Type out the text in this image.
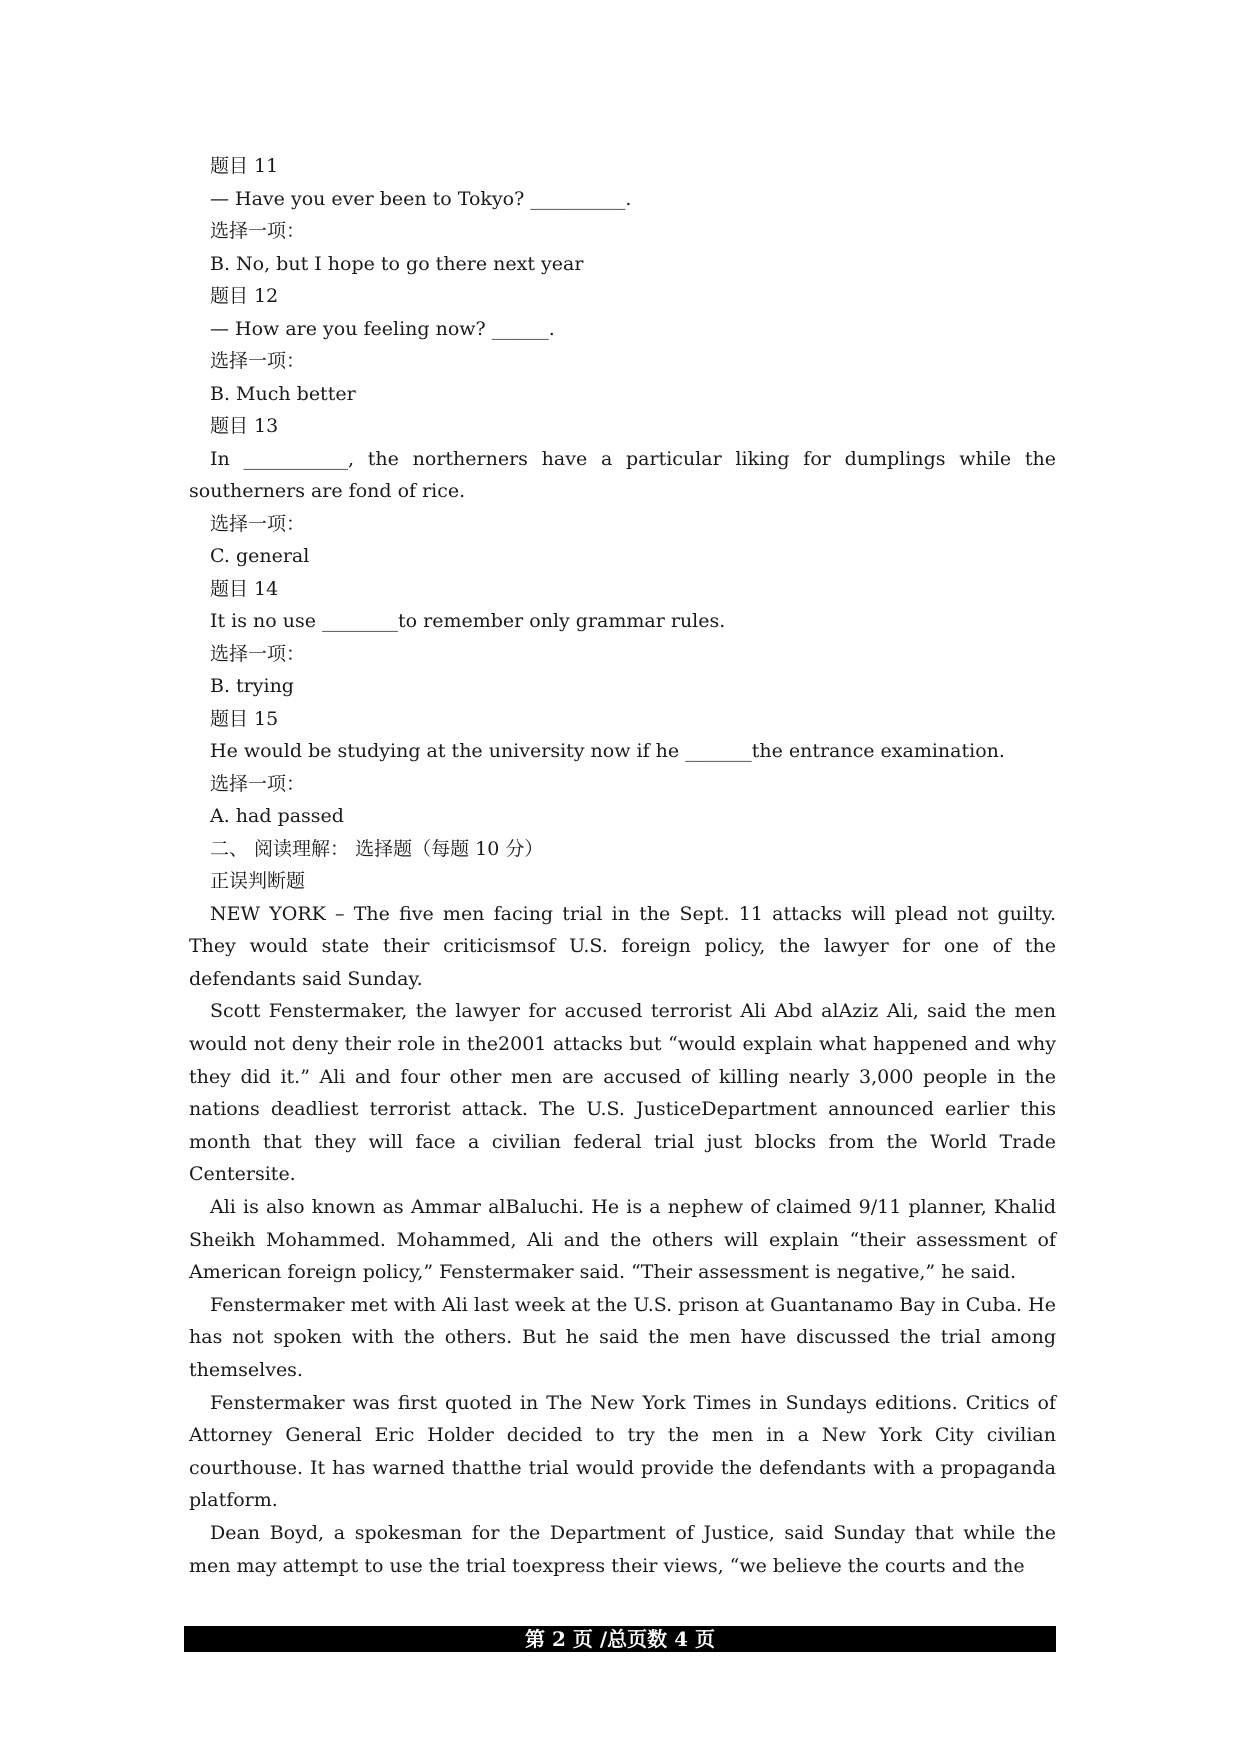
题目 11
— Have you ever been to Tokyo? __________.
选择一项：
B. No, but I hope to go there next year
题目 12
— How are you feeling now? ______.
选择一项：
B. Much better
题目 13

In ___________, the northerners have a particular liking for dumplings while the southerners are fond of rice.

选择一项：
C. general
题目 14
It is no use ________to remember only grammar rules.
选择一项：
B. trying
题目 15
He would be studying at the university now if he _______the entrance examination.
选择一项：
A. had passed
二、 阅读理解： 选择题（每题 10 分）
正误判断题

NEW YORK – The five men facing trial in the Sept. 11 attacks will plead not guilty. They would state their criticismsof U.S. foreign policy, the lawyer for one of the defendants said Sunday.

Scott Fenstermaker, the lawyer for accused terrorist Ali Abd alAziz Ali, said the men would not deny their role in the2001 attacks but “would explain what happened and why they did it.” Ali and four other men are accused of killing nearly 3,000 people in the nations deadliest terrorist attack. The U.S. JusticeDepartment announced earlier this month that they will face a civilian federal trial just blocks from the World Trade Centersite.

Ali is also known as Ammar alBaluchi. He is a nephew of claimed 9/11 planner, Khalid Sheikh Mohammed. Mohammed, Ali and the others will explain “their assessment of American foreign policy,” Fenstermaker said. “Their assessment is negative,” he said.

Fenstermaker met with Ali last week at the U.S. prison at Guantanamo Bay in Cuba. He has not spoken with the others. But he said the men have discussed the trial among themselves.

Fenstermaker was first quoted in The New York Times in Sundays editions. Critics of Attorney General Eric Holder decided to try the men in a New York City civilian courthouse. It has warned thatthe trial would provide the defendants with a propaganda platform.

Dean Boyd, a spokesman for the Department of Justice, said Sunday that while the men may attempt to use the trial toexpress their views, “we believe the courts and the

第 2 页 /总页数 4 页
